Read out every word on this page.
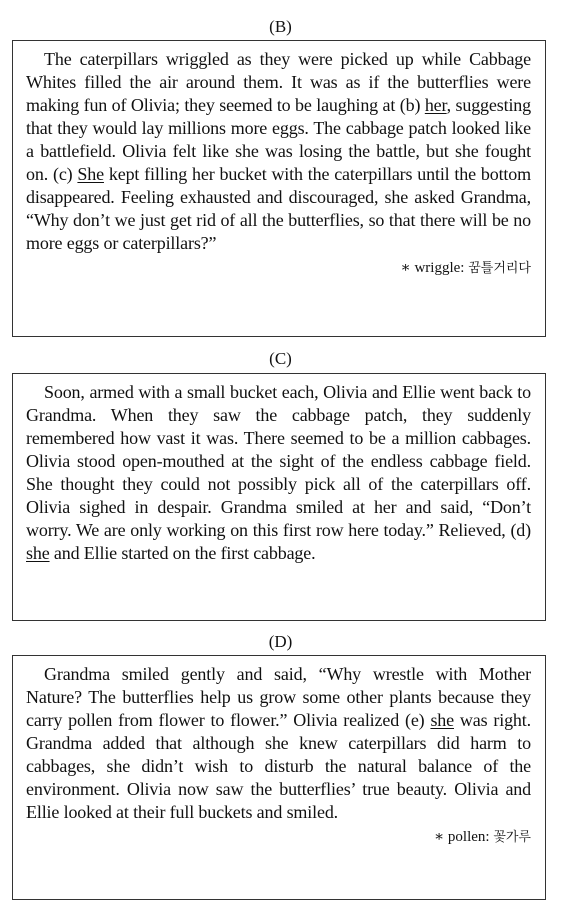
(B)

The caterpillars wriggled as they were picked up while Cabbage Whites filled the air around them. It was as if the butterflies were making fun of Olivia; they seemed to be laughing at (b) her, suggesting that they would lay millions more eggs. The cabbage patch looked like a battlefield. Olivia felt like she was losing the battle, but she fought on. (c) She kept filling her bucket with the caterpillars until the bottom disappeared. Feeling exhausted and discouraged, she asked Grandma, “Why don’t we just get rid of all the butterflies, so that there will be no more eggs or caterpillars?”

∗ wriggle: 꿈틀거리다
(C)

Soon, armed with a small bucket each, Olivia and Ellie went back to Grandma. When they saw the cabbage patch, they suddenly remembered how vast it was. There seemed to be a million cabbages. Olivia stood open-mouthed at the sight of the endless cabbage field. She thought they could not possibly pick all of the caterpillars off. Olivia sighed in despair. Grandma smiled at her and said, “Don’t worry. We are only working on this first row here today.” Relieved, (d) she and Ellie started on the first cabbage.

(D)

Grandma smiled gently and said, “Why wrestle with Mother Nature? The butterflies help us grow some other plants because they carry pollen from flower to flower.” Olivia realized (e) she was right. Grandma added that although she knew caterpillars did harm to cabbages, she didn’t wish to disturb the natural balance of the environment. Olivia now saw the butterflies’ true beauty. Olivia and Ellie looked at their full buckets and smiled.

∗ pollen: 꽃가루
